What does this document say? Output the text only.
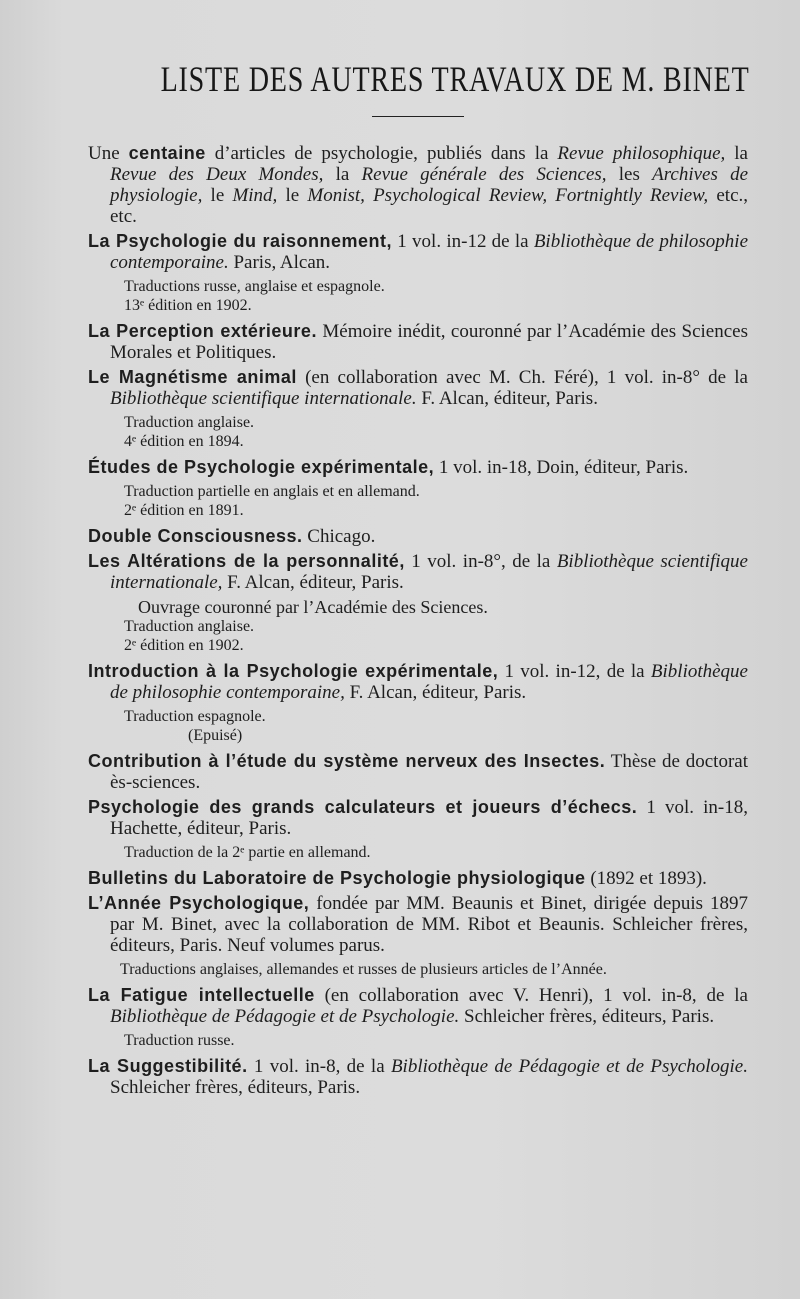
LISTE DES AUTRES TRAVAUX DE M. BINET

Une centaine d’articles de psychologie, publiés dans la Revue philosophique, la Revue des Deux Mondes, la Revue générale des Sciences, les Archives de physiologie, le Mind, le Monist, Psychological Review, Fortnightly Review, etc., etc.

La Psychologie du raisonnement, 1 vol. in-12 de la Bibliothèque de philosophie contemporaine. Paris, Alcan.

Traductions russe, anglaise et espagnole.

13ᵉ édition en 1902.

La Perception extérieure. Mémoire inédit, couronné par l’Académie des Sciences Morales et Politiques.

Le Magnétisme animal (en collaboration avec M. Ch. Féré), 1 vol. in-8° de la Bibliothèque scientifique internationale. F. Alcan, éditeur, Paris.

Traduction anglaise.

4ᵉ édition en 1894.

Études de Psychologie expérimentale, 1 vol. in-18, Doin, éditeur, Paris.

Traduction partielle en anglais et en allemand.

2ᵉ édition en 1891.

Double Consciousness. Chicago.

Les Altérations de la personnalité, 1 vol. in-8°, de la Bibliothèque scientifique internationale, F. Alcan, éditeur, Paris.

Ouvrage couronné par l’Académie des Sciences.

Traduction anglaise.

2ᵉ édition en 1902.

Introduction à la Psychologie expérimentale, 1 vol. in-12, de la Bibliothèque de philosophie contemporaine, F. Alcan, éditeur, Paris.

Traduction espagnole.

(Epuisé)

Contribution à l’étude du système nerveux des Insectes. Thèse de doctorat ès-sciences.

Psychologie des grands calculateurs et joueurs d’échecs. 1 vol. in-18, Hachette, éditeur, Paris.

Traduction de la 2ᵉ partie en allemand.

Bulletins du Laboratoire de Psychologie physiologique (1892 et 1893).

L’Année Psychologique, fondée par MM. Beaunis et Binet, dirigée depuis 1897 par M. Binet, avec la collaboration de MM. Ribot et Beaunis. Schleicher frères, éditeurs, Paris. Neuf volumes parus.

Traductions anglaises, allemandes et russes de plusieurs articles de l’Année.

La Fatigue intellectuelle (en collaboration avec V. Henri), 1 vol. in-8, de la Bibliothèque de Pédagogie et de Psychologie. Schleicher frères, éditeurs, Paris.

Traduction russe.

La Suggestibilité. 1 vol. in-8, de la Bibliothèque de Pédagogie et de Psychologie. Schleicher frères, éditeurs, Paris.
